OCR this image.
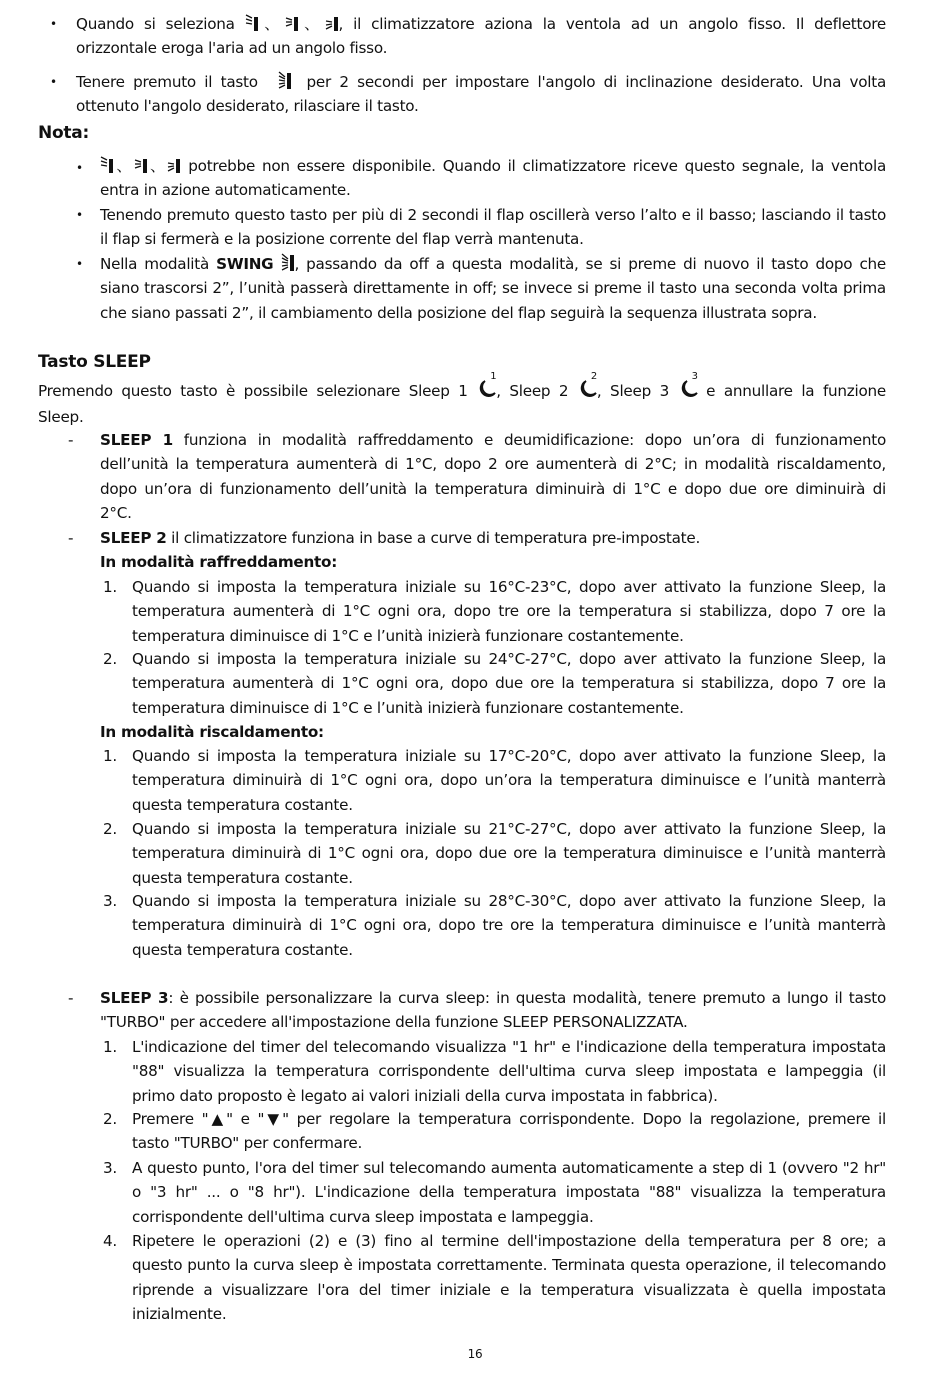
• Quando si seleziona 、 、 , il climatizzatore aziona la ventola ad un angolo fisso. Il deflettore
orizzontale eroga l'aria ad un angolo fisso.
• Tenere premuto il tasto	per 2 secondi per impostare l'angolo di inclinazione desiderato. Una volta
ottenuto l'angolo desiderato, rilasciare il tasto.
Nota:
•	、 、 potrebbe non essere disponibile. Quando il climatizzatore riceve questo segnale, la ventola
entra in azione automaticamente.
• Tenendo premuto questo tasto per più di 2 secondi il flap oscillerà verso l’alto e il basso; lasciando il tasto
il flap si fermerà e la posizione corrente del flap verrà mantenuta.
• Nella modalità SWING , passando da off a questa modalità, se si preme di nuovo il tasto dopo che
siano trascorsi 2”, l’unità passerà direttamente in off; se invece si preme il tasto una seconda volta prima
che siano passati 2”, il cambiamento della posizione del flap seguirà la sequenza illustrata sopra.
Tasto SLEEP
Premendo questo tasto è possibile selezionare Sleep 1
1
, Sleep 2
2
, Sleep 3
3
e annullare la funzione
Sleep.
- SLEEP 1 funziona in modalità raffreddamento e deumidificazione: dopo un’ora di funzionamento
dell’unità la temperatura aumenterà di 1°C, dopo 2 ore aumenterà di 2°C; in modalità riscaldamento,
dopo un’ora di funzionamento dell’unità la temperatura diminuirà di 1°C e dopo due ore diminuirà di
2°C.
- SLEEP 2 il climatizzatore funziona in base a curve di temperatura pre-impostate.
In modalità raffreddamento:
1. Quando si imposta la temperatura iniziale su 16°C-23°C, dopo aver attivato la funzione Sleep, la
temperatura aumenterà di 1°C ogni ora, dopo tre ore la temperatura si stabilizza, dopo 7 ore la
temperatura diminuisce di 1°C e l’unità inizierà funzionare costantemente.
2. Quando si imposta la temperatura iniziale su 24°C-27°C, dopo aver attivato la funzione Sleep, la
temperatura aumenterà di 1°C ogni ora, dopo due ore la temperatura si stabilizza, dopo 7 ore la
temperatura diminuisce di 1°C e l’unità inizierà funzionare costantemente.
In modalità riscaldamento:
1. Quando si imposta la temperatura iniziale su 17°C-20°C, dopo aver attivato la funzione Sleep, la
temperatura diminuirà di 1°C ogni ora, dopo un’ora la temperatura diminuisce e l’unità manterrà
questa temperatura costante.
2. Quando si imposta la temperatura iniziale su 21°C-27°C, dopo aver attivato la funzione Sleep, la
temperatura diminuirà di 1°C ogni ora, dopo due ore la temperatura diminuisce e l’unità manterrà
questa temperatura costante.
3. Quando si imposta la temperatura iniziale su 28°C-30°C, dopo aver attivato la funzione Sleep, la
temperatura diminuirà di 1°C ogni ora, dopo tre ore la temperatura diminuisce e l’unità manterrà
questa temperatura costante.
- SLEEP 3: è possibile personalizzare la curva sleep: in questa modalità, tenere premuto a lungo il tasto
"TURBO" per accedere all'impostazione della funzione SLEEP PERSONALIZZATA.
1. L'indicazione del timer del telecomando visualizza "1 hr" e l'indicazione della temperatura impostata
"88" visualizza la temperatura corrispondente dell'ultima curva sleep impostata e lampeggia (il
primo dato proposto è legato ai valori iniziali della curva impostata in fabbrica).
2. Premere "▲" e "▼" per regolare la temperatura corrispondente. Dopo la regolazione, premere il
tasto "TURBO" per confermare.
3. A questo punto, l'ora del timer sul telecomando aumenta automaticamente a step di 1 (ovvero "2 hr"
o "3 hr" ... o "8 hr"). L'indicazione della temperatura impostata "88" visualizza la temperatura
corrispondente dell'ultima curva sleep impostata e lampeggia.
4. Ripetere le operazioni (2) e (3) fino al termine dell'impostazione della temperatura per 8 ore; a
questo punto la curva sleep è impostata correttamente. Terminata questa operazione, il telecomando
riprende a visualizzare l'ora del timer iniziale e la temperatura visualizzata è quella impostata
inizialmente.
16
